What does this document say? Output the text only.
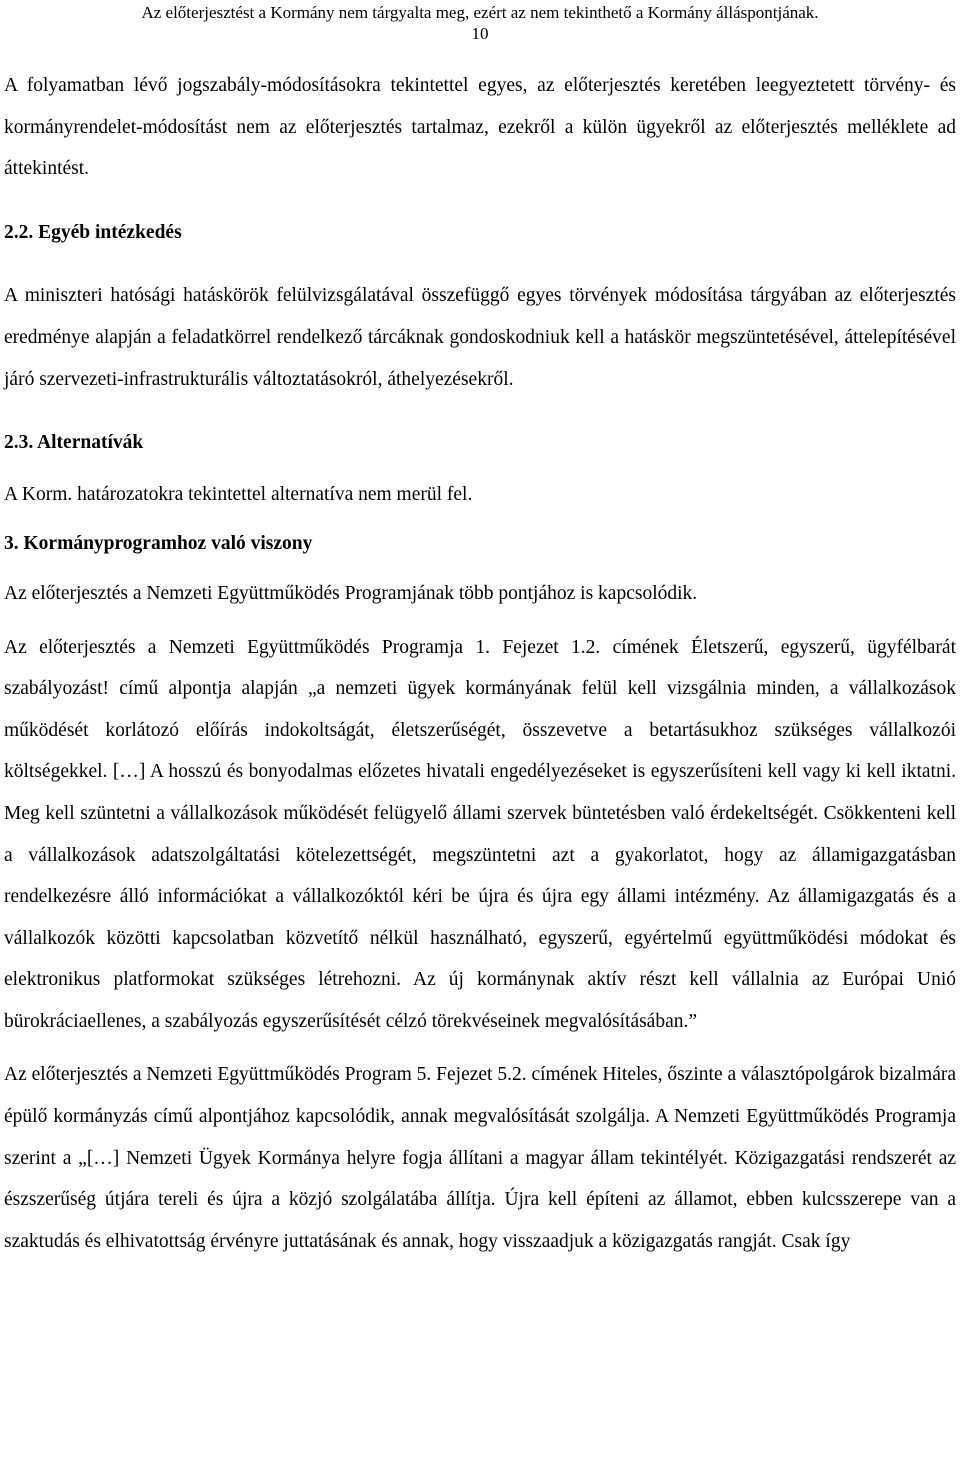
Az előterjesztést a Kormány nem tárgyalta meg, ezért az nem tekinthető a Kormány álláspontjának.
10

A folyamatban lévő jogszabály-módosításokra tekintettel egyes, az előterjesztés keretében leegyeztetett törvény- és kormányrendelet-módosítást nem az előterjesztés tartalmaz, ezekről a külön ügyekről az előterjesztés melléklete ad áttekintést.

2.2. Egyéb intézkedés

A miniszteri hatósági hatáskörök felülvizsgálatával összefüggő egyes törvények módosítása tárgyában az előterjesztés eredménye alapján a feladatkörrel rendelkező tárcáknak gondoskodniuk kell a hatáskör megszüntetésével, áttelepítésével járó szervezeti-infrastrukturális változtatásokról, áthelyezésekről.

2.3. Alternatívák

A Korm. határozatokra tekintettel alternatíva nem merül fel.

3. Kormányprogramhoz való viszony

Az előterjesztés a Nemzeti Együttműködés Programjának több pontjához is kapcsolódik.

Az előterjesztés a Nemzeti Együttműködés Programja 1. Fejezet 1.2. címének Életszerű, egyszerű, ügyfélbarát szabályozást! című alpontja alapján „a nemzeti ügyek kormányának felül kell vizsgálnia minden, a vállalkozások működését korlátozó előírás indokoltságát, életszerűségét, összevetve a betartásukhoz szükséges vállalkozói költségekkel. […] A hosszú és bonyodalmas előzetes hivatali engedélyezéseket is egyszerűsíteni kell vagy ki kell iktatni. Meg kell szüntetni a vállalkozások működését felügyelő állami szervek büntetésben való érdekeltségét. Csökkenteni kell a vállalkozások adatszolgáltatási kötelezettségét, megszüntetni azt a gyakorlatot, hogy az államigazgatásban rendelkezésre álló információkat a vállalkozóktól kéri be újra és újra egy állami intézmény. Az államigazgatás és a vállalkozók közötti kapcsolatban közvetítő nélkül használható, egyszerű, egyértelmű együttműködési módokat és elektronikus platformokat szükséges létrehozni. Az új kormánynak aktív részt kell vállalnia az Európai Unió bürokráciaellenes, a szabályozás egyszerűsítését célzó törekvéseinek megvalósításában.”

Az előterjesztés a Nemzeti Együttműködés Program 5. Fejezet 5.2. címének Hiteles, őszinte a választópolgárok bizalmára épülő kormányzás című alpontjához kapcsolódik, annak megvalósítását szolgálja. A Nemzeti Együttműködés Programja szerint a „[…] Nemzeti Ügyek Kormánya helyre fogja állítani a magyar állam tekintélyét. Közigazgatási rendszerét az észszerűség útjára tereli és újra a közjó szolgálatába állítja. Újra kell építeni az államot, ebben kulcsszerepe van a szaktudás és elhivatottság érvényre juttatásának és annak, hogy visszaadjuk a közigazgatás rangját. Csak így
